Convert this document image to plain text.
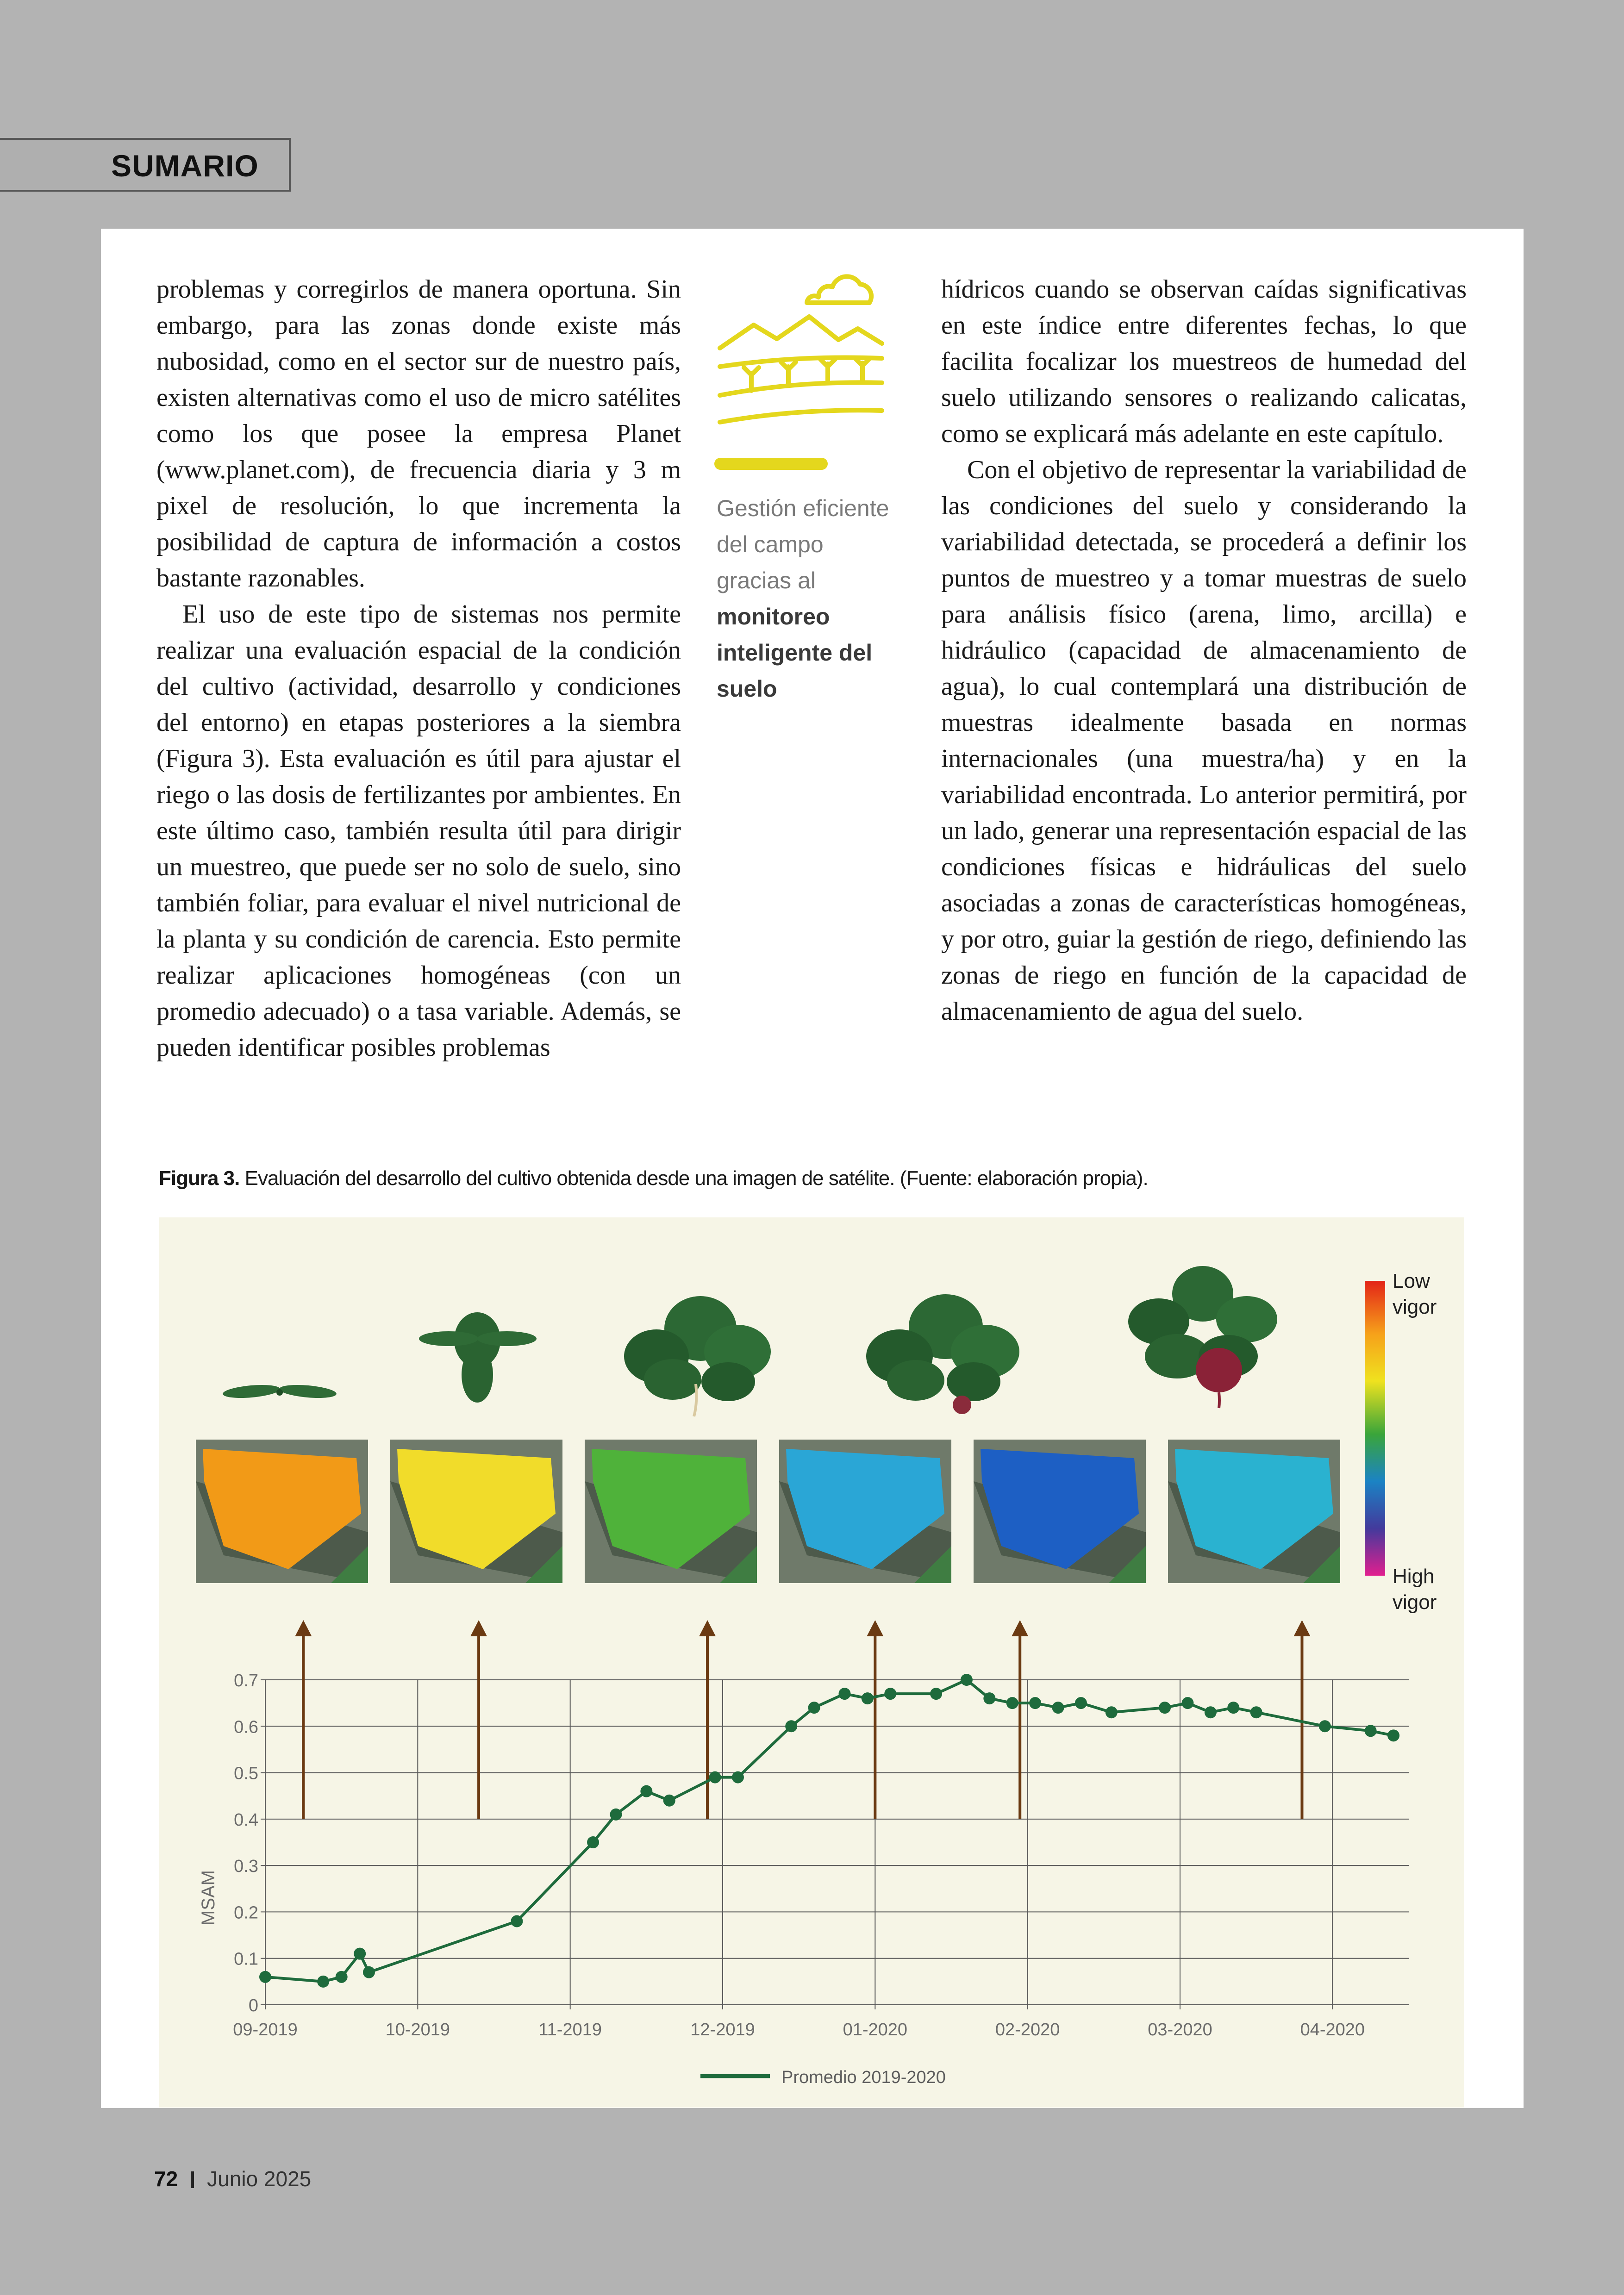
SUMARIO

problemas y corregirlos de manera oportuna. Sin embargo, para las zonas donde existe más nubosidad, como en el sector sur de nuestro país, existen alternativas como el uso de micro satélites como los que posee la empresa Planet (www.planet.com), de frecuencia diaria y 3 m pixel de resolución, lo que incrementa la posibilidad de captura de información a costos bastante razonables.

El uso de este tipo de sistemas nos permite realizar una evaluación espacial de la condición del cultivo (actividad, desarrollo y condiciones del entorno) en etapas posteriores a la siembra (Figura 3). Esta evaluación es útil para ajustar el riego o las dosis de fertilizantes por ambientes. En este último caso, también resulta útil para dirigir un muestreo, que puede ser no solo de suelo, sino también foliar, para evaluar el nivel nutricional de la planta y su condición de carencia. Esto permite realizar aplicaciones homogéneas (con un promedio adecuado) o a tasa variable. Además, se pueden identificar posibles problemas

Gestión eficiente del campo gracias al monitoreo inteligente del suelo

hídricos cuando se observan caídas significativas en este índice entre diferentes fechas, lo que facilita focalizar los muestreos de humedad del suelo utilizando sensores o realizando calicatas, como se explicará más adelante en este capítulo.

Con el objetivo de representar la variabilidad de las condiciones del suelo y considerando la variabilidad detectada, se procederá a definir los puntos de muestreo y a tomar muestras de suelo para análisis físico (arena, limo, arcilla) e hidráulico (capacidad de almacenamiento de agua), lo cual contemplará una distribución de muestras idealmente basada en normas internacionales (una muestra/ha) y en la variabilidad encontrada. Lo anterior permitirá, por un lado, generar una representación espacial de las condiciones físicas e hidráulicas del suelo asociadas a zonas de características homogéneas, y por otro, guiar la gestión de riego, definiendo las zonas de riego en función de la capacidad de almacenamiento de agua del suelo.

Figura 3. Evaluación del desarrollo del cultivo obtenida desde una imagen de satélite. (Fuente: elaboración propia).
Low
vigor
High
vigor
0
0.1
0.2
0.3
0.4
0.5
0.6
0.7
09-2019	10-2019	11-2019	12-2019	01-2020	02-2020	03-2020	04-2020
MSAM
Promedio 2019-2020
72 Junio 2025
